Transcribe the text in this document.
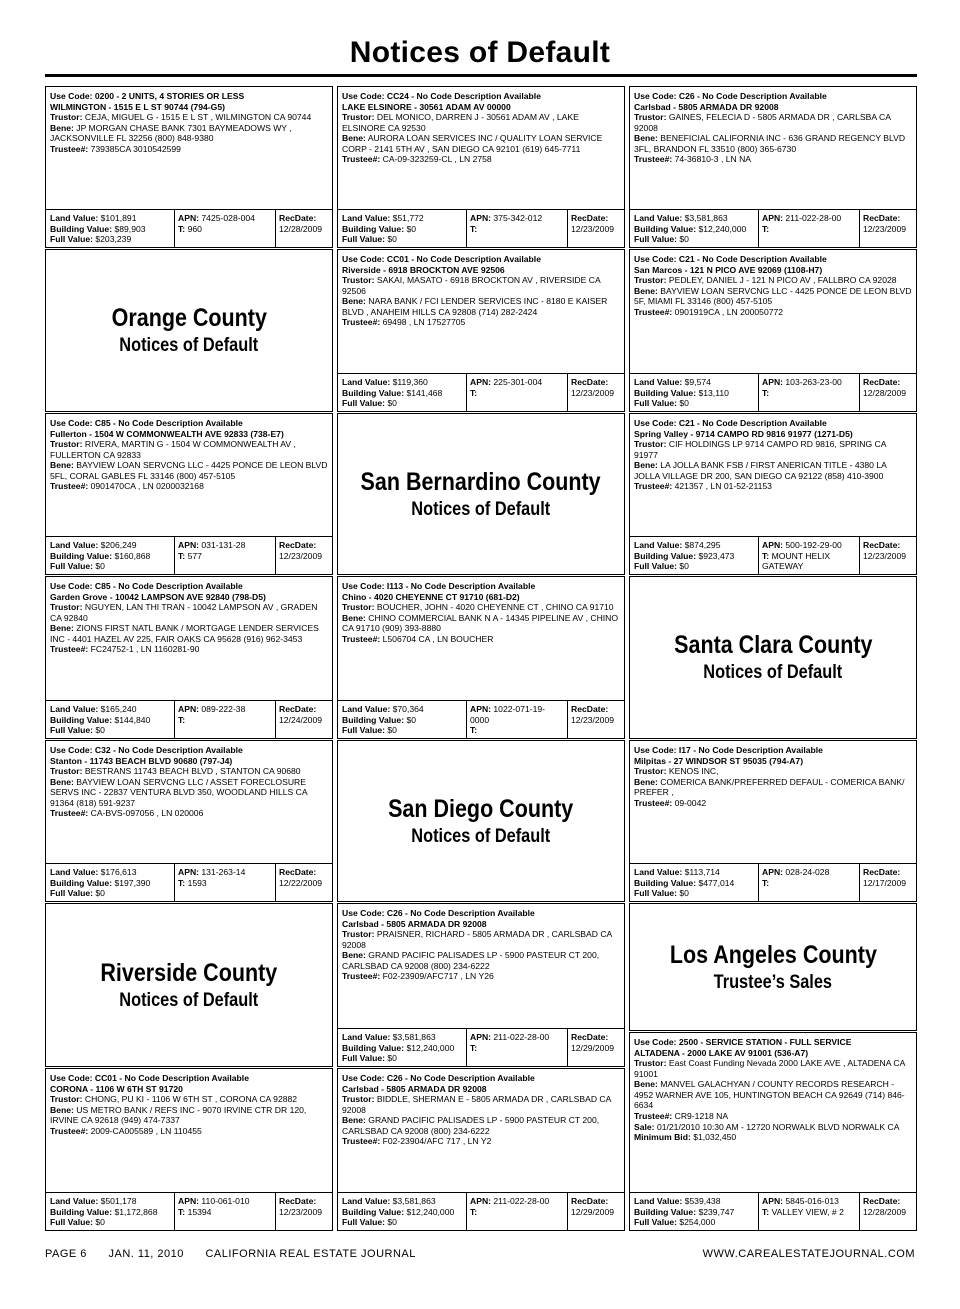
Notices of Default
Use Code: 0200 - 2 UNITS, 4 STORIES OR LESS
WILMINGTON - 1515 E L ST 90744 (794-G5)
Trustor: CEJA, MIGUEL G - 1515 E L ST , WILMINGTON CA 90744
Bene: JP MORGAN CHASE BANK 7301 BAYMEADOWS WY , JACKSONVILLE FL 32256 (800) 848-9380
Trustee#: 739385CA 3010542599
Land Value: $101,891
Building Value: $89,903
Full Value: $203,239
APN: 7425-028-004
T: 960
RecDate:
12/28/2009
Orange County
Notices of Default
Use Code: C85 - No Code Description Available
Fullerton - 1504 W COMMONWEALTH AVE 92833 (738-E7)
Trustor: RIVERA, MARTIN G - 1504 W COMMONWEALTH AV , FULLERTON CA 92833
Bene: BAYVIEW LOAN SERVCNG LLC - 4425 PONCE DE LEON BLVD 5FL, CORAL GABLES FL 33146 (800) 457-5105
Trustee#: 0901470CA , LN 0200032168
Land Value: $206,249
Building Value: $160,868
Full Value: $0
APN: 031-131-28
T: 577
RecDate:
12/23/2009
Use Code: C85 - No Code Description Available
Garden Grove - 10042 LAMPSON AVE 92840 (798-D5)
Trustor: NGUYEN, LAN THI TRAN - 10042 LAMPSON AV , GRADEN CA 92840
Bene: ZIONS FIRST NATL BANK / MORTGAGE LENDER SERVICES INC - 4401 HAZEL AV 225, FAIR OAKS CA 95628 (916) 962-3453
Trustee#: FC24752-1 , LN 1160281-90
Land Value: $165,240
Building Value: $144,840
Full Value: $0
APN: 089-222-38
T:
RecDate:
12/24/2009
Use Code: C32 - No Code Description Available
Stanton - 11743 BEACH BLVD 90680 (797-J4)
Trustor: BESTRANS 11743 BEACH BLVD , STANTON CA 90680
Bene: BAYVIEW LOAN SERVCNG LLC / ASSET FORECLOSURE SERVS INC - 22837 VENTURA BLVD 350, WOODLAND HILLS CA 91364 (818) 591-9237
Trustee#: CA-BVS-097056 , LN 020006
Land Value: $176,613
Building Value: $197,390
Full Value: $0
APN: 131-263-14
T: 1593
RecDate:
12/22/2009
Riverside County
Notices of Default
Use Code: CC01 - No Code Description Available
CORONA - 1106 W 6TH ST 91720
Trustor: CHONG, PU KI - 1106 W 6TH ST , CORONA CA 92882
Bene: US METRO BANK / REFS INC - 9070 IRVINE CTR DR 120, IRVINE CA 92618 (949) 474-7337
Trustee#: 2009-CA005589 , LN 110455
Land Value: $501,178
Building Value: $1,172,868
Full Value: $0
APN: 110-061-010
T: 15394
RecDate:
12/23/2009
Use Code: CC24 - No Code Description Available
LAKE ELSINORE - 30561 ADAM AV 00000
Trustor: DEL MONICO, DARREN J - 30561 ADAM AV , LAKE ELSINORE CA 92530
Bene: AURORA LOAN SERVICES INC / QUALITY LOAN SERVICE CORP - 2141 5TH AV , SAN DIEGO CA 92101 (619) 645-7711
Trustee#: CA-09-323259-CL , LN 2758
Land Value: $51,772
Building Value: $0
Full Value: $0
APN: 375-342-012
T:
RecDate:
12/23/2009
Use Code: CC01 - No Code Description Available
Riverside - 6918 BROCKTON AVE 92506
Trustor: SAKAI, MASATO - 6918 BROCKTON AV , RIVERSIDE CA 92506
Bene: NARA BANK / FCI LENDER SERVICES INC - 8180 E KAISER BLVD , ANAHEIM HILLS CA 92808 (714) 282-2424
Trustee#: 69498 , LN 17527705
Land Value: $119,360
Building Value: $141,468
Full Value: $0
APN: 225-301-004
T:
RecDate:
12/23/2009
San Bernardino County
Notices of Default
Use Code: I113 - No Code Description Available
Chino - 4020 CHEYENNE CT 91710 (681-D2)
Trustor: BOUCHER, JOHN - 4020 CHEYENNE CT , CHINO CA 91710
Bene: CHINO COMMERCIAL BANK N A - 14345 PIPELINE AV , CHINO CA 91710 (909) 393-8880
Trustee#: L506704 CA , LN BOUCHER
Land Value: $70,364
Building Value: $0
Full Value: $0
APN: 1022-071-19-0000
T:
RecDate:
12/23/2009
San Diego County
Notices of Default
Use Code: C26 - No Code Description Available
Carlsbad - 5805 ARMADA DR 92008
Trustor: PRAISNER, RICHARD - 5805 ARMADA DR , CARLSBAD CA 92008
Bene: GRAND PACIFIC PALISADES LP - 5900 PASTEUR CT 200, CARLSBAD CA 92008 (800) 234-6222
Trustee#: F02-23909/AFC717 , LN Y26
Land Value: $3,581,863
Building Value: $12,240,000
Full Value: $0
APN: 211-022-28-00
T:
RecDate:
12/29/2009
Use Code: C26 - No Code Description Available
Carlsbad - 5805 ARMADA DR 92008
Trustor: BIDDLE, SHERMAN E - 5805 ARMADA DR , CARLSBAD CA 92008
Bene: GRAND PACIFIC PALISADES LP - 5900 PASTEUR CT 200, CARLSBAD CA 92008 (800) 234-6222
Trustee#: F02-23904/AFC 717 , LN Y2
Land Value: $3,581,863
Building Value: $12,240,000
Full Value: $0
APN: 211-022-28-00
T:
RecDate:
12/29/2009
Use Code: C26 - No Code Description Available
Carlsbad - 5805 ARMADA DR 92008
Trustor: GAINES, FELECIA D - 5805 ARMADA DR , CARLSBA CA 92008
Bene: BENEFICIAL CALIFORNIA INC - 636 GRAND REGENCY BLVD 3FL, BRANDON FL 33510 (800) 365-6730
Trustee#: 74-36810-3 , LN NA
Land Value: $3,581,863
Building Value: $12,240,000
Full Value: $0
APN: 211-022-28-00
T:
RecDate:
12/23/2009
Use Code: C21 - No Code Description Available
San Marcos - 121 N PICO AVE 92069 (1108-H7)
Trustor: PEDLEY, DANIEL J - 121 N PICO AV , FALLBRO CA 92028
Bene: BAYVIEW LOAN SERVCNG LLC - 4425 PONCE DE LEON BLVD 5F, MIAMI FL 33146 (800) 457-5105
Trustee#: 0901919CA , LN 200050772
Land Value: $9,574
Building Value: $13,110
Full Value: $0
APN: 103-263-23-00
T:
RecDate:
12/28/2009
Use Code: C21 - No Code Description Available
Spring Valley - 9714 CAMPO RD 9816 91977 (1271-D5)
Trustor: CIF HOLDINGS LP 9714 CAMPO RD 9816, SPRING CA 91977
Bene: LA JOLLA BANK FSB / FIRST ANERICAN TITLE - 4380 LA JOLLA VILLAGE DR 200, SAN DIEGO CA 92122 (858) 410-3900
Trustee#: 421357 , LN 01-52-21153
Land Value: $874,295
Building Value: $923,473
Full Value: $0
APN: 500-192-29-00
T: MOUNT HELIX GATEWAY
RecDate:
12/23/2009
Santa Clara County
Notices of Default
Use Code: I17 - No Code Description Available
Milpitas - 27 WINDSOR ST 95035 (794-A7)
Trustor: KENOS INC,
Bene: COMERICA BANK/PREFERRED DEFAUL - COMERICA BANK/ PREFER ,
Trustee#: 09-0042
Land Value: $113,714
Building Value: $477,014
Full Value: $0
APN: 028-24-028
T:
RecDate:
12/17/2009
Los Angeles County
Trustee’s Sales
Use Code: 2500 - SERVICE STATION - FULL SERVICE
ALTADENA - 2000 LAKE AV 91001 (536-A7)
Trustor: East Coast Funding Nevada 2000 LAKE AVE , ALTADENA CA 91001
Bene: MANVEL GALACHYAN / COUNTY RECORDS RESEARCH - 4952 WARNER AVE 105, HUNTINGTON BEACH CA 92649 (714) 846-6634
Trustee#: CR9-1218 NA
Sale: 01/21/2010 10:30 AM - 12720 NORWALK BLVD NORWALK CA
Minimum Bid: $1,032,450
Land Value: $539,438
Building Value: $239,747
Full Value: $254,000
APN: 5845-016-013
T: VALLEY VIEW, # 2
RecDate:
12/28/2009
PAGE 6 JAN. 11, 2010 CALIFORNIA REAL ESTATE JOURNAL	WWW.CAREALESTATEJOURNAL.COM
